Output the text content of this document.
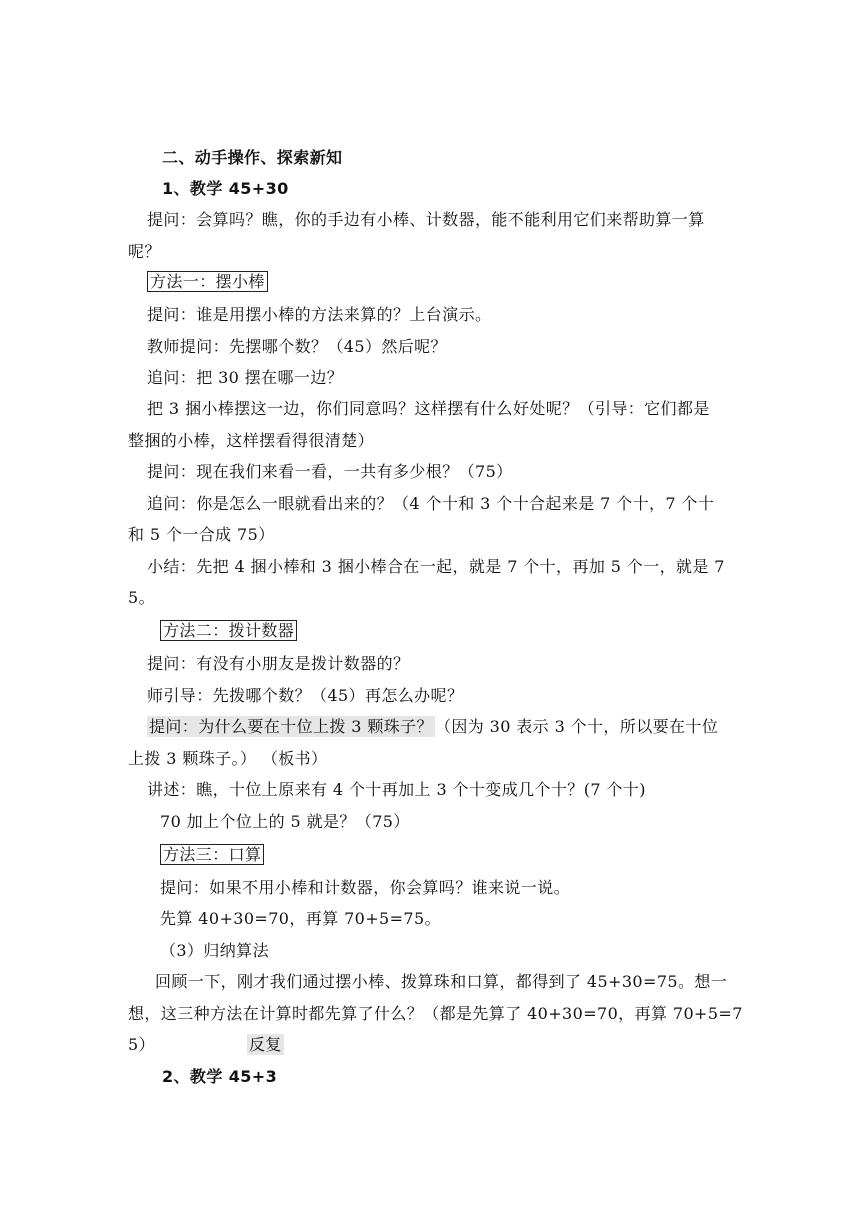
二、动手操作、探索新知
1、教学 45+30
提问：会算吗？瞧，你的手边有小棒、计数器，能不能利用它们来帮助算一算
呢？
方法一：摆小棒
提问：谁是用摆小棒的方法来算的？上台演示。
教师提问：先摆哪个数？（45）然后呢？
追问：把 30 摆在哪一边？
把 3 捆小棒摆这一边，你们同意吗？这样摆有什么好处呢？（引导：它们都是
整捆的小棒，这样摆看得很清楚）
提问：现在我们来看一看，一共有多少根？（75）
追问：你是怎么一眼就看出来的？（4 个十和 3 个十合起来是 7 个十，7 个十
和 5 个一合成 75）
小结：先把 4 捆小棒和 3 捆小棒合在一起，就是 7 个十，再加 5 个一，就是 7
5。
方法二：拨计数器
提问：有没有小朋友是拨计数器的？
师引导：先拨哪个数？（45）再怎么办呢？
提问：为什么要在十位上拨 3 颗珠子？ （因为 30 表示 3 个十，所以要在十位
上拨 3 颗珠子。） （板书）
讲述：瞧，十位上原来有 4 个十再加上 3 个十变成几个十？(7 个十)
70 加上个位上的 5 就是？（75）
方法三：口算
提问：如果不用小棒和计数器，你会算吗？谁来说一说。
先算 40+30=70，再算 70+5=75。
（3）归纳算法
回顾一下，刚才我们通过摆小棒、拨算珠和口算，都得到了 45+30=75。想一
想，这三种方法在计算时都先算了什么？（都是先算了 40+30=70，再算 70+5=7
5）	反复
2、教学 45+3
